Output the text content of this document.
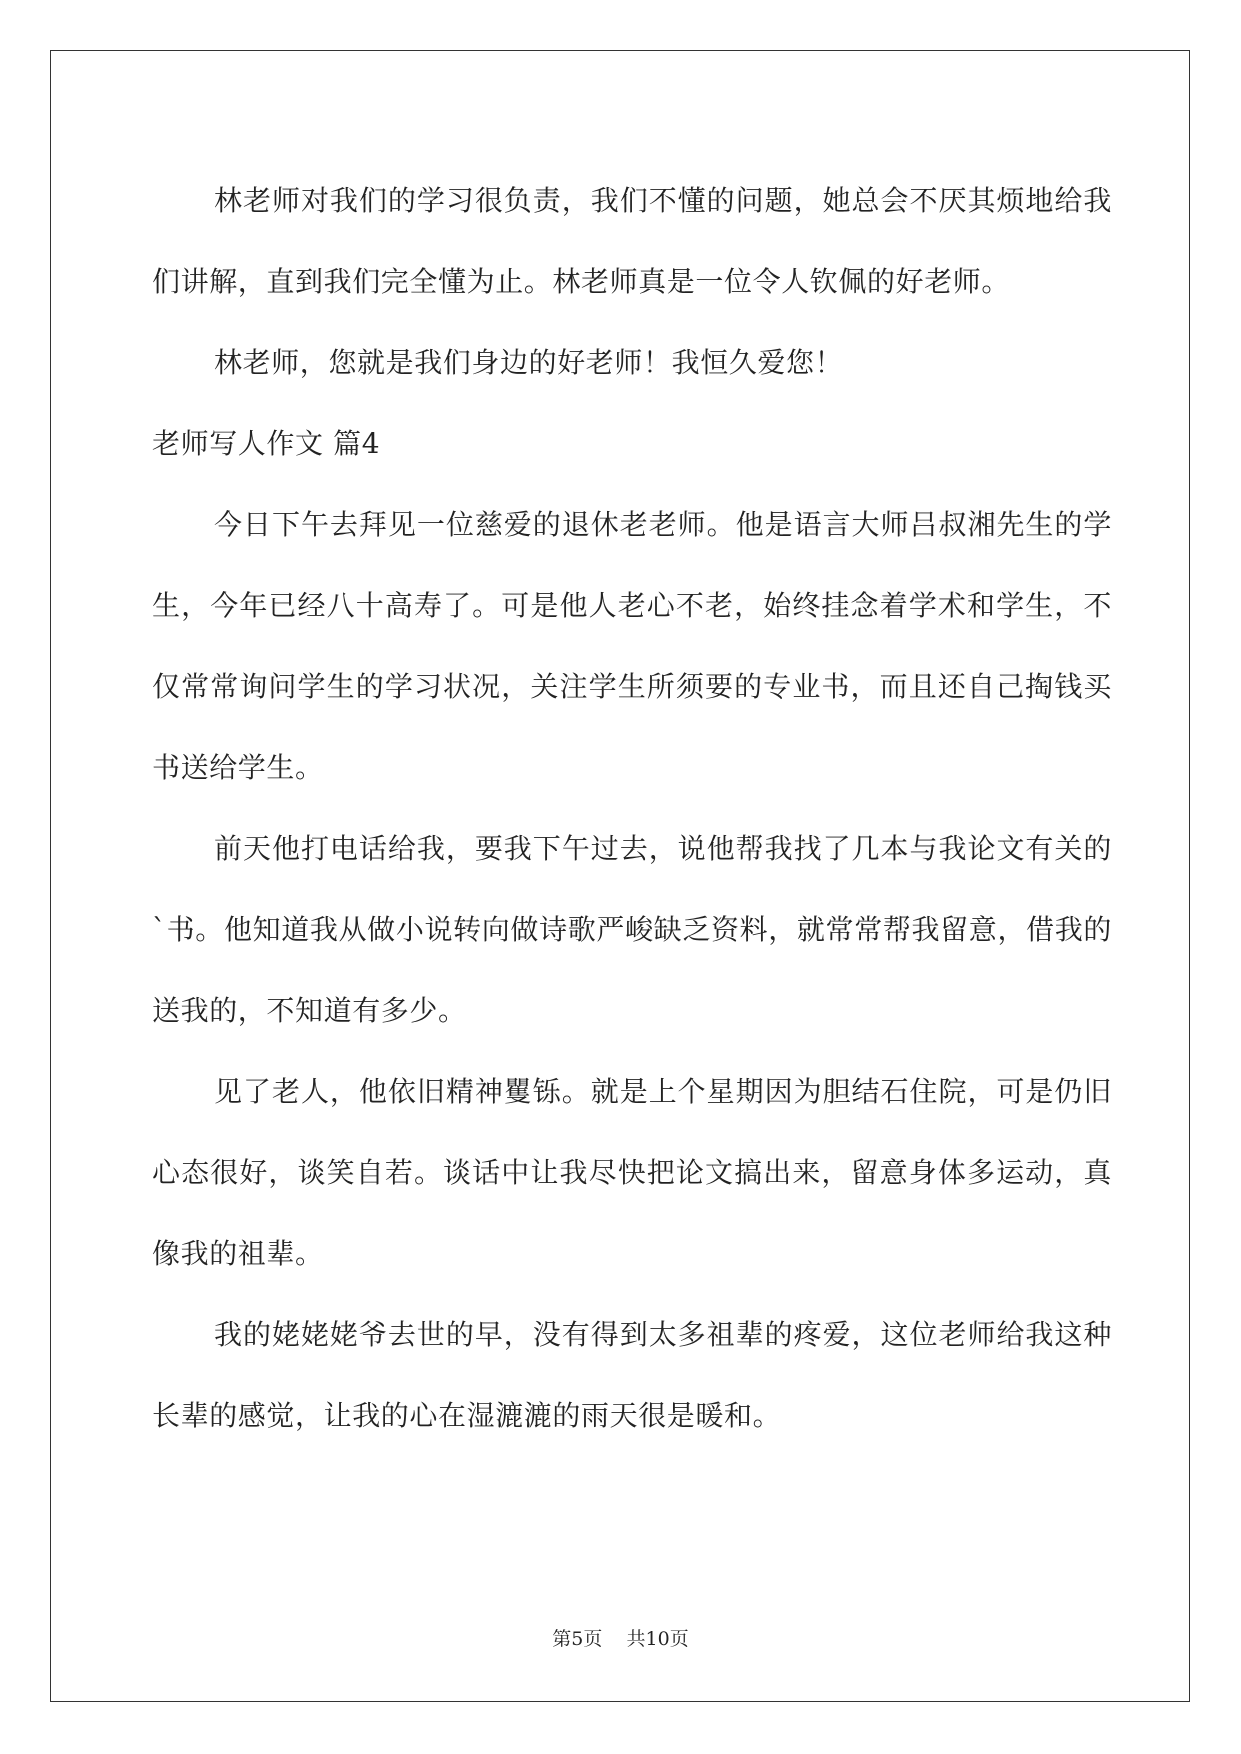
林老师对我们的学习很负责，我们不懂的问题，她总会不厌其烦地给我们讲解，直到我们完全懂为止。林老师真是一位令人钦佩的好老师。

林老师，您就是我们身边的好老师！我恒久爱您！

老师写人作文 篇4

今日下午去拜见一位慈爱的退休老老师。他是语言大师吕叔湘先生的学生，今年已经八十高寿了。可是他人老心不老，始终挂念着学术和学生，不仅常常询问学生的学习状况，关注学生所须要的专业书，而且还自己掏钱买书送给学生。

前天他打电话给我，要我下午过去，说他帮我找了几本与我论文有关的`书。他知道我从做小说转向做诗歌严峻缺乏资料，就常常帮我留意，借我的送我的，不知道有多少。

见了老人，他依旧精神矍铄。就是上个星期因为胆结石住院，可是仍旧心态很好，谈笑自若。谈话中让我尽快把论文搞出来，留意身体多运动，真像我的祖辈。

我的姥姥姥爷去世的早，没有得到太多祖辈的疼爱，这位老师给我这种长辈的感觉，让我的心在湿漉漉的雨天很是暖和。

第5页 共10页
